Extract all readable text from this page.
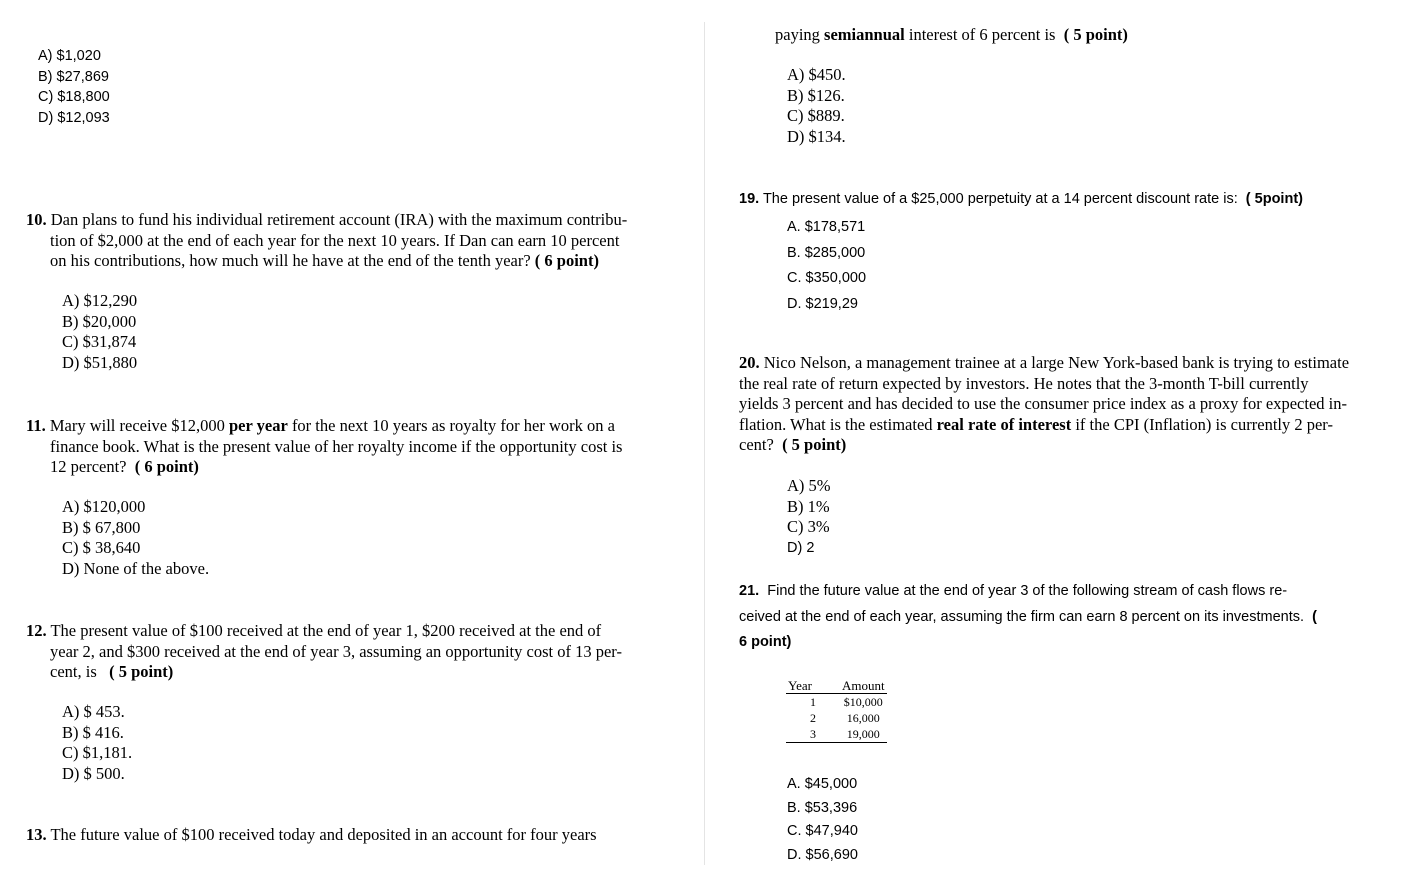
A) $1,020
B) $27,869
C) $18,800
D) $12,093
10. Dan plans to fund his individual retirement account (IRA) with the maximum contribu-
tion of $2,000 at the end of each year for the next 10 years. If Dan can earn 10 percent
on his contributions, how much will he have at the end of the tenth year? ( 6 point)
A) $12,290
B) $20,000
C) $31,874
D) $51,880
11. Mary will receive $12,000 per year for the next 10 years as royalty for her work on a
finance book. What is the present value of her royalty income if the opportunity cost is
12 percent? ( 6 point)
A) $120,000
B) $ 67,800
C) $ 38,640
D) None of the above.
12. The present value of $100 received at the end of year 1, $200 received at the end of
year 2, and $300 received at the end of year 3, assuming an opportunity cost of 13 per-
cent, is ( 5 point)
A) $ 453.
B) $ 416.
C) $1,181.
D) $ 500.
13. The future value of $100 received today and deposited in an account for four years
paying semiannual interest of 6 percent is ( 5 point)
A) $450.
B) $126.
C) $889.
D) $134.
19. The present value of a $25,000 perpetuity at a 14 percent discount rate is: ( 5point)
A. $178,571
B. $285,000
C. $350,000
D. $219,29
20. Nico Nelson, a management trainee at a large New York-based bank is trying to estimate
the real rate of return expected by investors. He notes that the 3-month T-bill currently
yields 3 percent and has decided to use the consumer price index as a proxy for expected in-
flation. What is the estimated real rate of interest if the CPI (Inflation) is currently 2 per-
cent? ( 5 point)
A) 5%
B) 1%
C) 3%
D) 2
21. Find the future value at the end of year 3 of the following stream of cash flows re-
ceived at the end of each year, assuming the firm can earn 8 percent on its investments. (
6 point)
Year	Amount
1	$10,000
2	16,000
3	19,000
A. $45,000
B. $53,396
C. $47,940
D. $56,690
